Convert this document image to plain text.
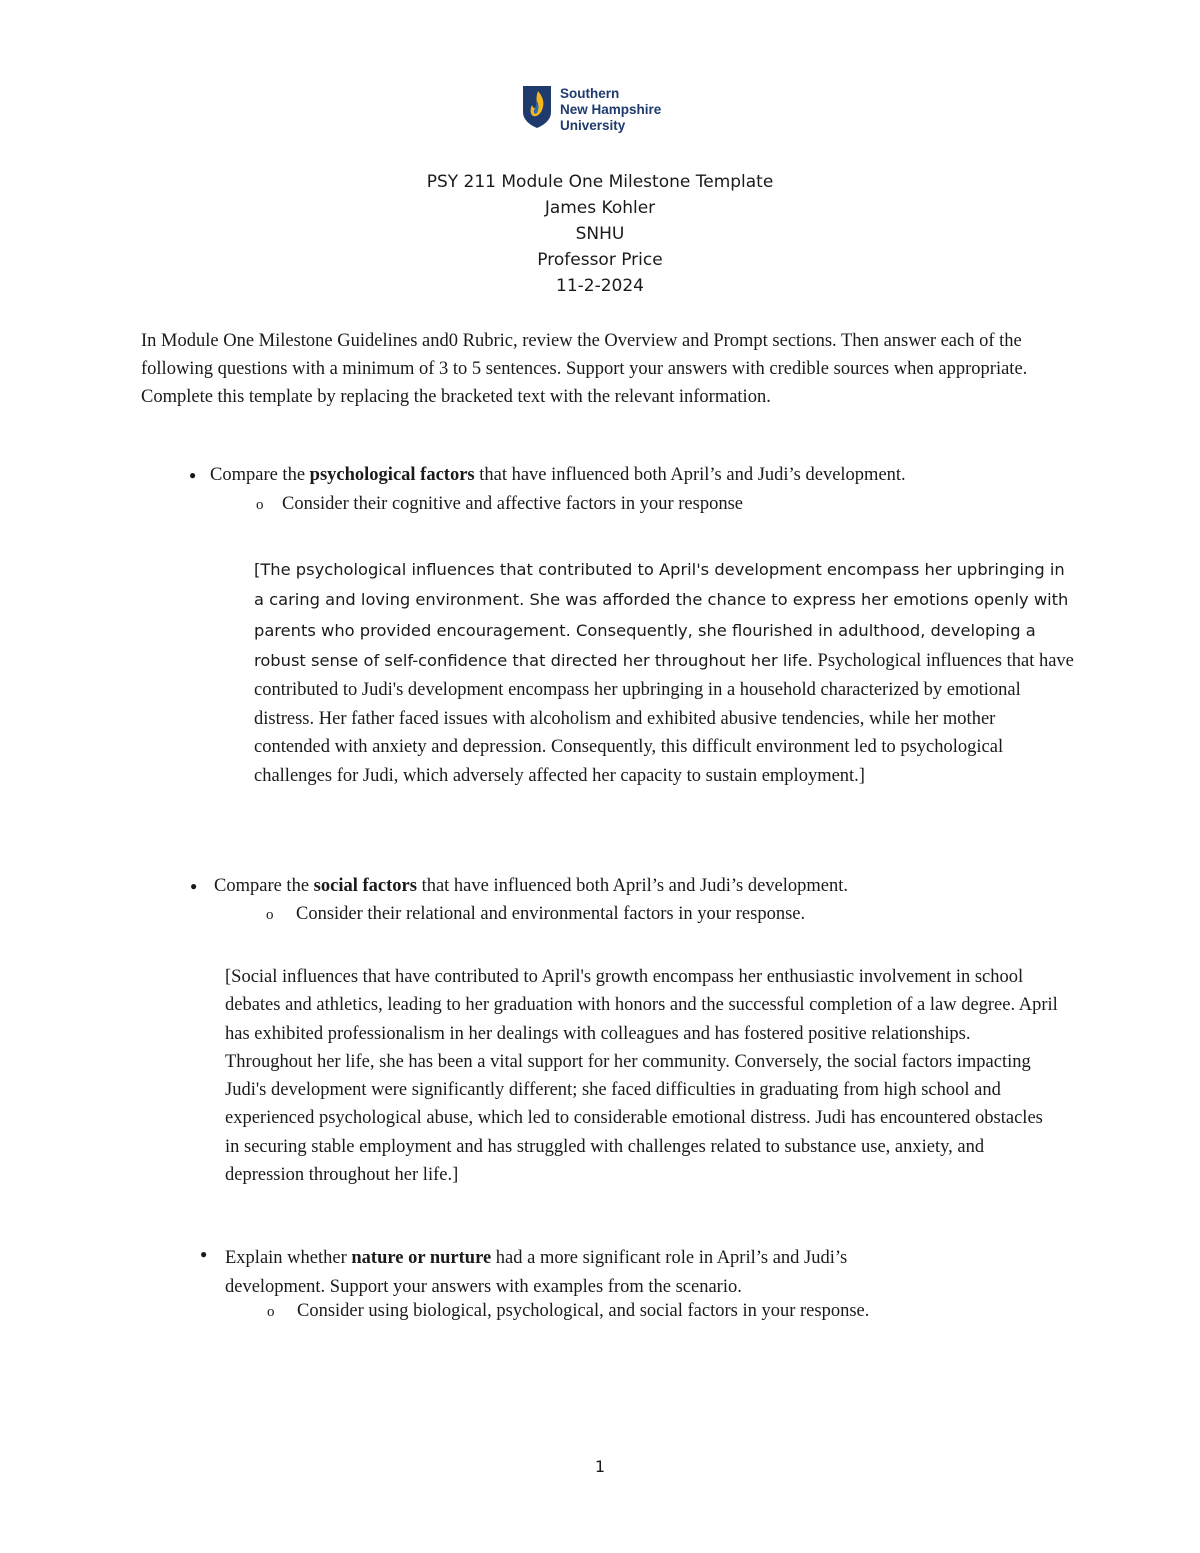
Southern
New Hampshire
University
PSY 211 Module One Milestone Template
James Kohler
SNHU
Professor Price
11-2-2024
In Module One Milestone Guidelines and0 Rubric, review the Overview and Prompt sections. Then answer each of the following questions with a minimum of 3 to 5 sentences. Support your answers with credible sources when appropriate. Complete this template by replacing the bracketed text with the relevant information.
● Compare the psychological factors that have influenced both April’s and Judi’s development.
o Consider their cognitive and affective factors in your response
[The psychological influences that contributed to April's development encompass her upbringing in a caring and loving environment. She was afforded the chance to express her emotions openly with parents who provided encouragement. Consequently, she flourished in adulthood, developing a robust sense of self-confidence that directed her throughout her life. Psychological influences that have contributed to Judi's development encompass her upbringing in a household characterized by emotional distress. Her father faced issues with alcoholism and exhibited abusive tendencies, while her mother contended with anxiety and depression. Consequently, this difficult environment led to psychological challenges for Judi, which adversely affected her capacity to sustain employment.]
● Compare the social factors that have influenced both April’s and Judi’s development.
o Consider their relational and environmental factors in your response.
[Social influences that have contributed to April's growth encompass her enthusiastic involvement in school debates and athletics, leading to her graduation with honors and the successful completion of a law degree. April has exhibited professionalism in her dealings with colleagues and has fostered positive relationships. Throughout her life, she has been a vital support for her community. Conversely, the social factors impacting Judi's development were significantly different; she faced difficulties in graduating from high school and experienced psychological abuse, which led to considerable emotional distress. Judi has encountered obstacles in securing stable employment and has struggled with challenges related to substance use, anxiety, and depression throughout her life.]
● Explain whether nature or nurture had a more significant role in April’s and Judi’s
development. Support your answers with examples from the scenario.
o Consider using biological, psychological, and social factors in your response.
1
